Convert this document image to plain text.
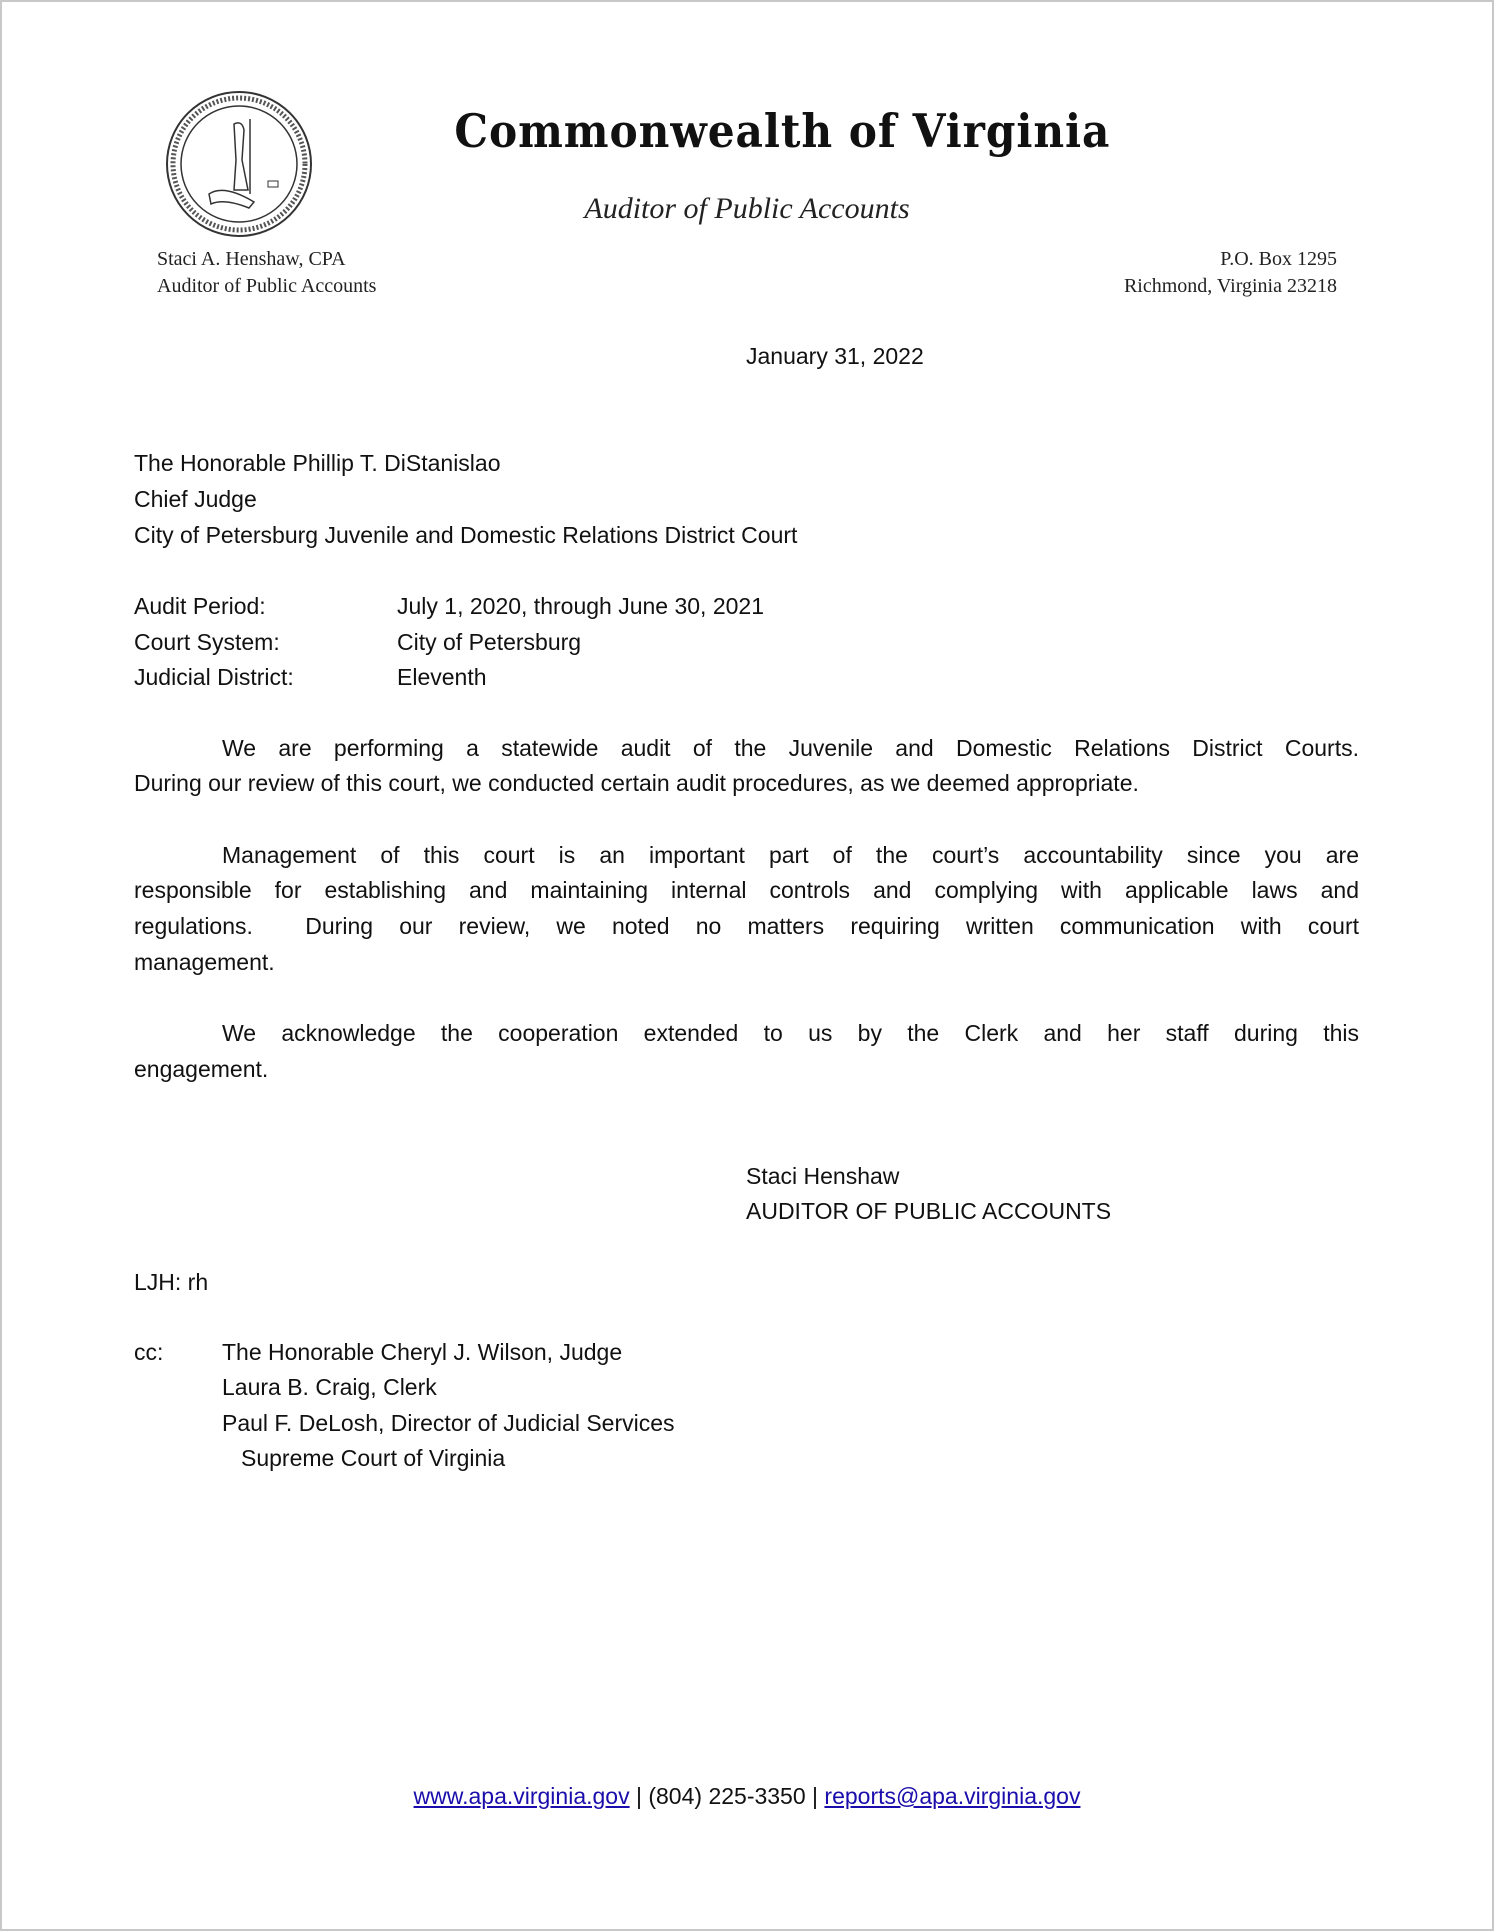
Commonwealth of Virginia
Auditor of Public Accounts
Staci A. Henshaw, CPA
Auditor of Public Accounts
P.O. Box 1295
Richmond, Virginia 23218
January 31, 2022
The Honorable Phillip T. DiStanislao
Chief Judge
City of Petersburg Juvenile and Domestic Relations District Court
Audit Period:	July 1, 2020, through June 30, 2021
Court System:	City of Petersburg
Judicial District:	Eleventh
We are performing a statewide audit of the Juvenile and Domestic Relations District Courts.
During our review of this court, we conducted certain audit procedures, as we deemed appropriate.
Management of this court is an important part of the court’s accountability since you are
responsible for establishing and maintaining internal controls and complying with applicable laws and
regulations.  During our review, we noted no matters requiring written communication with court
management.
We acknowledge the cooperation extended to us by the Clerk and her staff during this
engagement.
Staci Henshaw
AUDITOR OF PUBLIC ACCOUNTS
LJH: rh
cc:	The Honorable Cheryl J. Wilson, Judge
Laura B. Craig, Clerk
Paul F. DeLosh, Director of Judicial Services
Supreme Court of Virginia
www.apa.virginia.gov | (804) 225-3350 | reports@apa.virginia.gov
